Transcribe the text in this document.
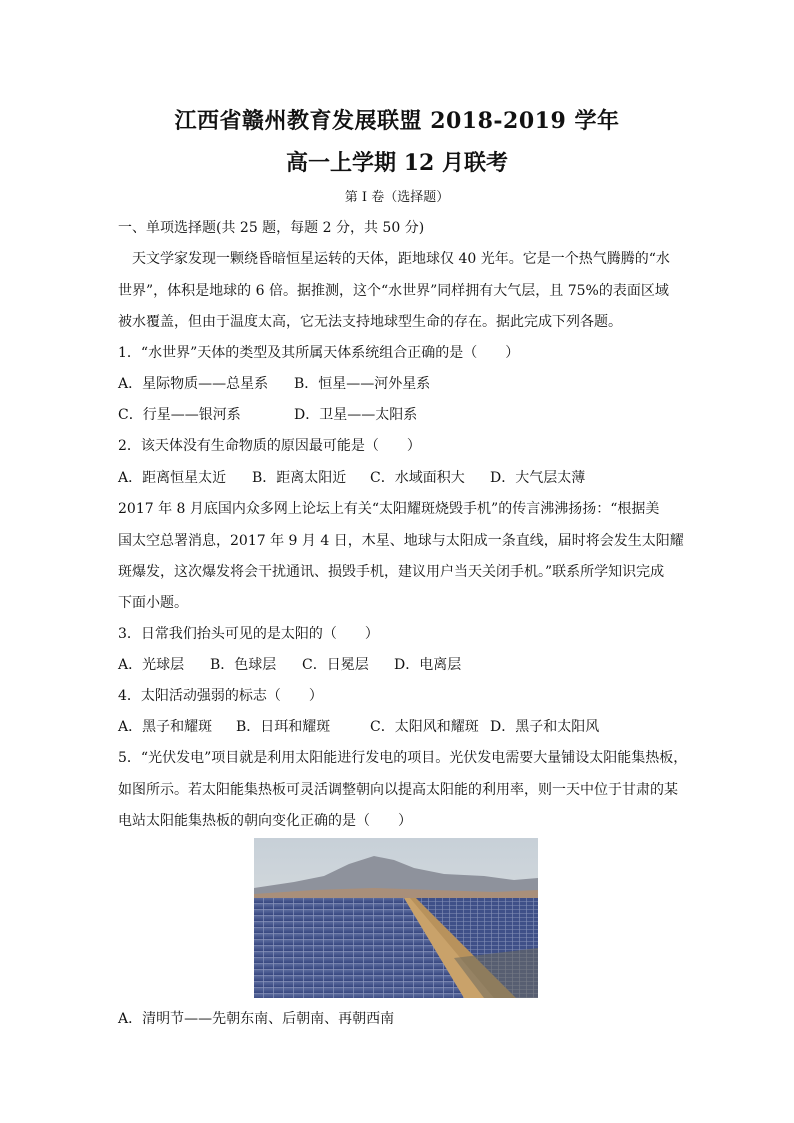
江西省赣州教育发展联盟 2018-2019 学年
高一上学期 12 月联考
第 I 卷（选择题）
一、单项选择题(共 25 题，每题 2 分，共 50 分)
天文学家发现一颗绕昏暗恒星运转的天体，距地球仅 40 光年。它是一个热气腾腾的“水
世界”，体积是地球的 6 倍。据推测，这个“水世界”同样拥有大气层，且 75%的表面区域
被水覆盖，但由于温度太高，它无法支持地球型生命的存在。据此完成下列各题。
1．“水世界”天体的类型及其所属天体系统组合正确的是（　　）
A．星际物质——总星系 B．恒星——河外星系
C．行星——银河系	D．卫星——太阳系
2．该天体没有生命物质的原因最可能是（　　）
A．距离恒星太近 B．距离太阳近 C．水域面积大 D．大气层太薄
2017 年 8 月底国内众多网上论坛上有关“太阳耀斑烧毁手机”的传言沸沸扬扬：“根据美
国太空总署消息，2017 年 9 月 4 日，木星、地球与太阳成一条直线，届时将会发生太阳耀
斑爆发，这次爆发将会干扰通讯、损毁手机，建议用户当天关闭手机。”联系所学知识完成
下面小题。
3．日常我们抬头可见的是太阳的（　　）
A．光球层 B．色球层 C．日冕层 D．电离层
4．太阳活动强弱的标志（　　）
A．黑子和耀斑 B．日珥和耀斑	C．太阳风和耀斑 D．黑子和太阳风
5．“光伏发电”项目就是利用太阳能进行发电的项目。光伏发电需要大量铺设太阳能集热板，
如图所示。若太阳能集热板可灵活调整朝向以提高太阳能的利用率，则一天中位于甘肃的某
电站太阳能集热板的朝向变化正确的是（　　）
A．清明节——先朝东南、后朝南、再朝西南
